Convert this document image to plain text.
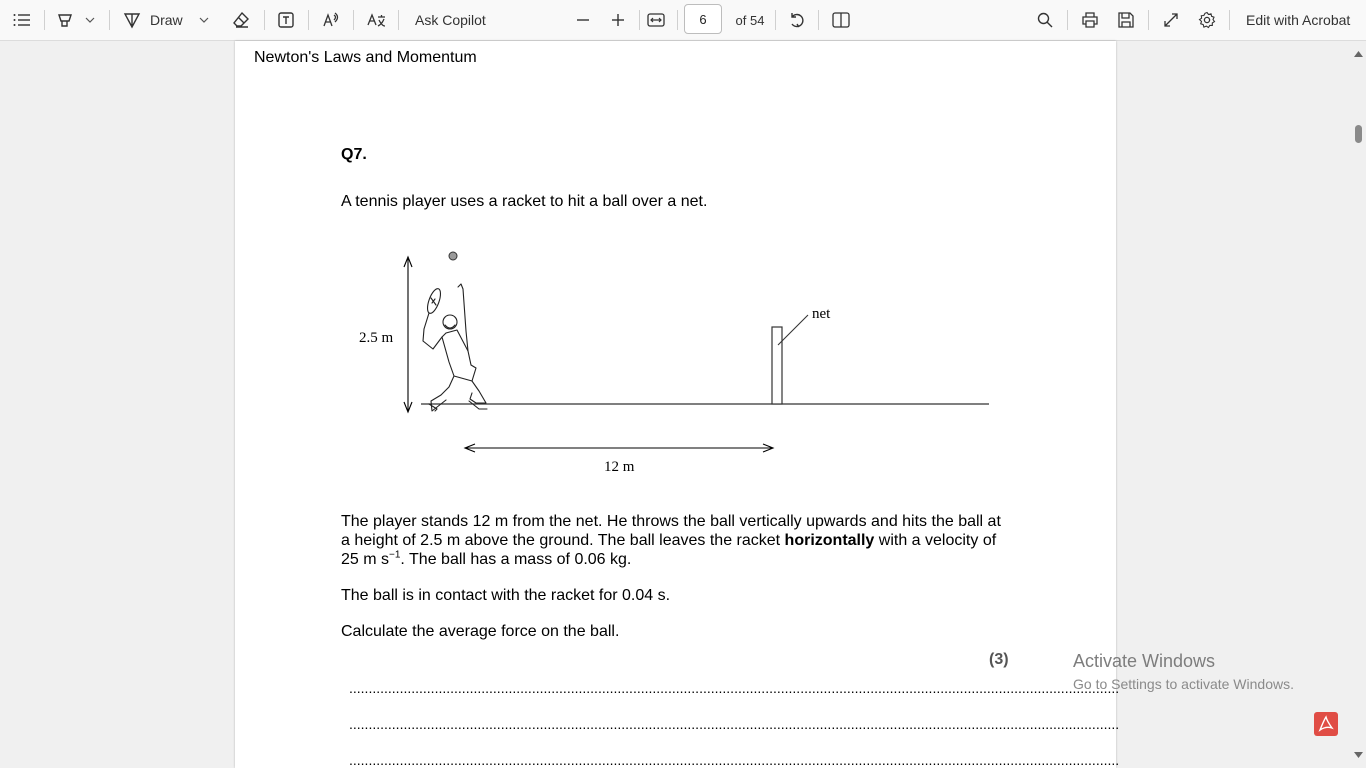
Draw	Ask Copilot	6	of 54	Edit with Acrobat
Newton's Laws and Momentum
Q7.
A tennis player uses a racket to hit a ball over a net.
2.5 m
net
12 m
The player stands 12 m from the net. He throws the ball vertically upwards and hits the ball at a height of 2.5 m above the ground. The ball leaves the racket horizontally with a velocity of 25 m $s^{-1}$. The ball has a mass of 0.06 kg.
The ball is in contact with the racket for 0.04 s.
Calculate the average force on the ball.
(3)
......................................................................................................................................................................................................
......................................................................................................................................................................................................
......................................................................................................................................................................................................
Activate Windows
Go to Settings to activate Windows.
